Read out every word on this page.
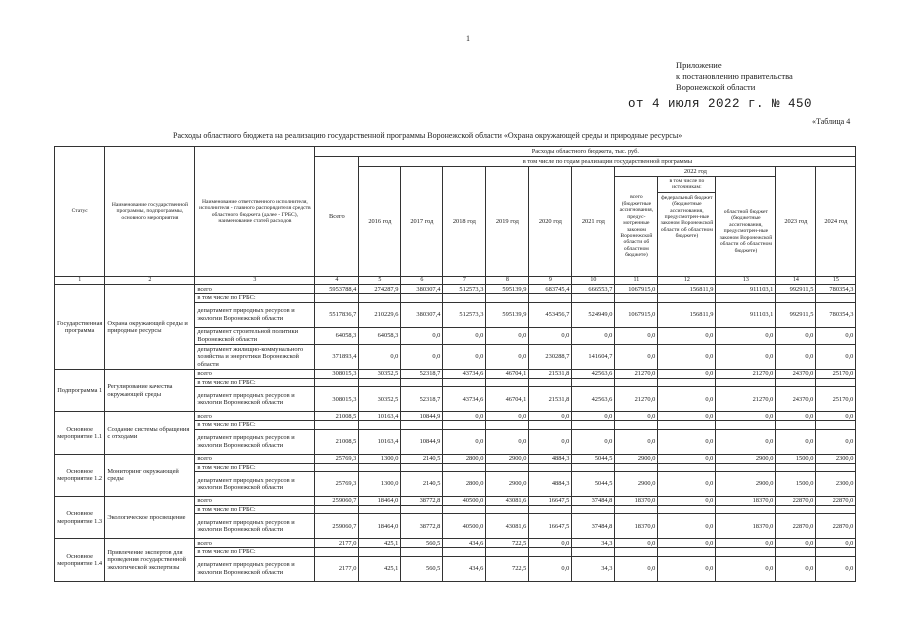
1
Приложение
к постановлению правительства
Воронежской области
от 4 июля 2022 г. № 450
«Таблица 4
Расходы областного бюджета на реализацию государственной программы Воронежской области «Охрана окружающей среды и природные ресурсы»
Статус	Наименование государственной программы, подпрограммы, основного мероприятия	Наименование ответственного исполнителя, исполнителя - главного распорядителя средств областного бюджета (далее - ГРБС), наименование статей расходов	Расходы областного бюджета, тыс. руб.											
			Всего	в том числе по годам реализации государственной программы										
				2016 год	2017 год	2018 год	2019 год	2020 год	2021 год	2022 год			2023 год	2024 год
										всего (бюджетные ассигнования, предус-мотренные законом Воронежской области об областном бюджете)	в том числе по источникам:
федеральный бюджет (бюджетные ассигнования, предусмотрен-ные законом Воронежской области об областном бюджете)	областной бюджет (бюджетные ассигнования, предусмотрен-ные законом Воронежской области об областном бюджете)		
1	2	3	4	5	6	7	8	9	10	11	12	13	14	15
Государственная программа	Охрана окружающей среды и природные ресурсы	всего	5953788,4	274287,9	380307,4	512573,3	595139,9	683745,4	666553,7	1067915,0	156811,9	911103,1	992911,5	780354,3
		в том числе по ГРБС:												
		департамент природных ресурсов и экологии Воронежской области	5517836,7	210229,6	380307,4	512573,3	595139,9	453456,7	524949,0	1067915,0	156811,9	911103,1	992911,5	780354,3
		департамент строительной политики Воронежской области	64058,3	64058,3	0,0	0,0	0,0	0,0	0,0	0,0	0,0	0,0	0,0	0,0
		департамент жилищно-коммунального хозяйства и энергетики Воронежской области	371893,4	0,0	0,0	0,0	0,0	230288,7	141604,7	0,0	0,0	0,0	0,0	0,0
Подпрограмма 1	Регулирование качества окружающей среды	всего	308015,3	30352,5	52318,7	43734,6	46704,1	21531,8	42563,6	21270,0	0,0	21270,0	24370,0	25170,0
		в том числе по ГРБС:												
		департамент природных ресурсов и экологии Воронежской области	308015,3	30352,5	52318,7	43734,6	46704,1	21531,8	42563,6	21270,0	0,0	21270,0	24370,0	25170,0
Основное мероприятие 1.1	Создание системы обращения с отходами	всего	21008,5	10163,4	10844,9	0,0	0,0	0,0	0,0	0,0	0,0	0,0	0,0	0,0
		в том числе по ГРБС:												
		департамент природных ресурсов и экологии Воронежской области	21008,5	10163,4	10844,9	0,0	0,0	0,0	0,0	0,0	0,0	0,0	0,0	0,0
Основное мероприятие 1.2	Мониторинг окружающей среды	всего	25769,3	1300,0	2140,5	2800,0	2900,0	4884,3	5044,5	2900,0	0,0	2900,0	1500,0	2300,0
		в том числе по ГРБС:												
		департамент природных ресурсов и экологии Воронежской области	25769,3	1300,0	2140,5	2800,0	2900,0	4884,3	5044,5	2900,0	0,0	2900,0	1500,0	2300,0
Основное мероприятие 1.3	Экологическое просвещение	всего	259060,7	18464,0	38772,8	40500,0	43081,6	16647,5	37484,8	18370,0	0,0	18370,0	22870,0	22870,0
		в том числе по ГРБС:												
		департамент природных ресурсов и экологии Воронежской области	259060,7	18464,0	38772,8	40500,0	43081,6	16647,5	37484,8	18370,0	0,0	18370,0	22870,0	22870,0
Основное мероприятие 1.4	Привлечение экспертов для проведения государственной экологической экспертизы	всего	2177,0	425,1	560,5	434,6	722,5	0,0	34,3	0,0	0,0	0,0	0,0	0,0
		в том числе по ГРБС:												
		департамент природных ресурсов и экологии Воронежской области	2177,0	425,1	560,5	434,6	722,5	0,0	34,3	0,0	0,0	0,0	0,0	0,0
